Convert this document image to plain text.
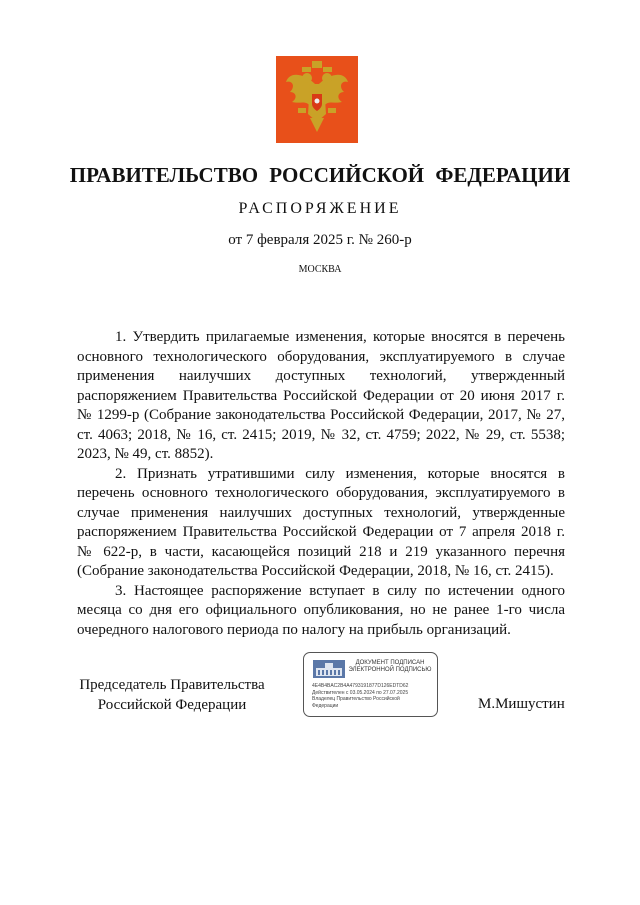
ПРАВИТЕЛЬСТВО РОССИЙСКОЙ ФЕДЕРАЦИИ
РАСПОРЯЖЕНИЕ
от 7 февраля 2025 г. № 260-р
МОСКВА

1. Утвердить прилагаемые изменения, которые вносятся в перечень основного технологического оборудования, эксплуатируемого в случае применения наилучших доступных технологий, утвержденный распоряжением Правительства Российской Федерации от 20 июня 2017 г. № 1299-р (Собрание законодательства Российской Федерации, 2017, № 27, ст. 4063; 2018, № 16, ст. 2415; 2019, № 32, ст. 4759; 2022, № 29, ст. 5538; 2023, № 49, ст. 8852).

2. Признать утратившими силу изменения, которые вносятся в перечень основного технологического оборудования, эксплуатируемого в случае применения наилучших доступных технологий, утвержденные распоряжением Правительства Российской Федерации от 7 апреля 2018 г. № 622-р, в части, касающейся позиций 218 и 219 указанного перечня (Собрание законодательства Российской Федерации, 2018, № 16, ст. 2415).

3. Настоящее распоряжение вступает в силу по истечении одного месяца со дня его официального опубликования, но не ранее 1-го числа очередного налогового периода по налогу на прибыль организаций.

Председатель Правительства
Российской Федерации
ДОКУМЕНТ ПОДПИСАН
ЭЛЕКТРОННОЙ ПОДПИСЬЮ
4E4B4BAC2B4A4793191877D126EDTD62
Действителен с 03.05.2024 по 27.07.2025
Владелец Правительство Российской
Федерации	М.Мишустин
